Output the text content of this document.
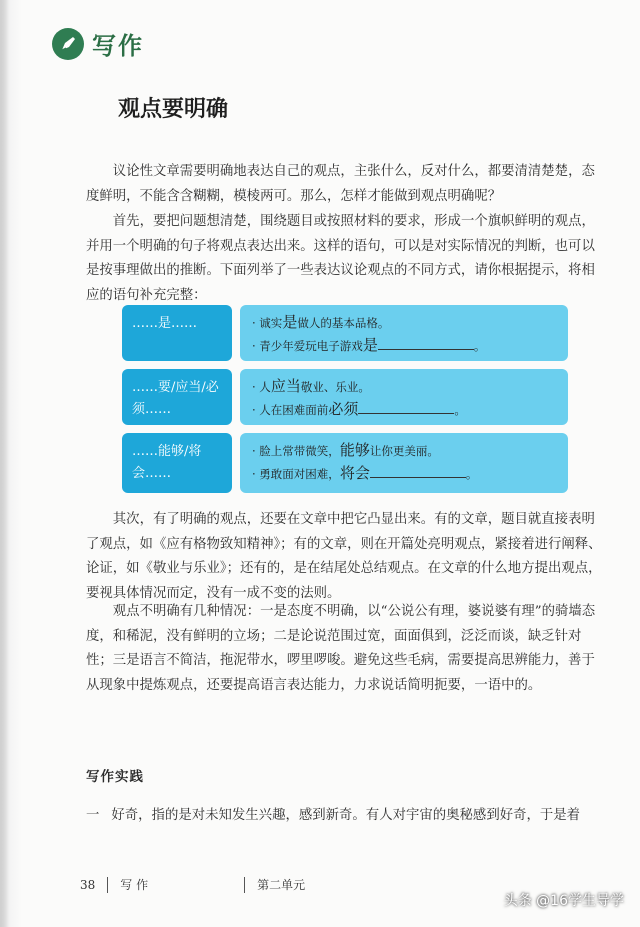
写作
观点要明确

议论性文章需要明确地表达自己的观点，主张什么，反对什么，都要清清楚楚，态度鲜明，不能含含糊糊，模棱两可。那么，怎样才能做到观点明确呢？

首先，要把问题想清楚，围绕题目或按照材料的要求，形成一个旗帜鲜明的观点，并用一个明确的句子将观点表达出来。这样的语句，可以是对实际情况的判断，也可以是按事理做出的推断。下面列举了一些表达议论观点的不同方式，请你根据提示，将相应的语句补充完整：

……是……	· 诚实是做人的基本品格。
· 青少年爱玩电子游戏是	。
……要/应当/必须……
· 人应当敬业、乐业。
· 人在困难面前必须	。
……能够/将会……
· 脸上常带微笑，能够让你更美丽。
· 勇敢面对困难，将会	。

其次，有了明确的观点，还要在文章中把它凸显出来。有的文章，题目就直接表明了观点，如《应有格物致知精神》；有的文章，则在开篇处亮明观点，紧接着进行阐释、论证，如《敬业与乐业》；还有的，是在结尾处总结观点。在文章的什么地方提出观点，要视具体情况而定，没有一成不变的法则。

观点不明确有几种情况：一是态度不明确，以“公说公有理，婆说婆有理”的骑墙态度，和稀泥，没有鲜明的立场；二是论说范围过宽，面面俱到，泛泛而谈，缺乏针对性；三是语言不简洁，拖泥带水，啰里啰唆。避免这些毛病，需要提高思辨能力，善于从现象中提炼观点，还要提高语言表达能力，力求说话简明扼要，一语中的。

写作实践

一 好奇，指的是对未知发生兴趣，感到新奇。有人对宇宙的奥秘感到好奇，于是着

38 写 作	第二单元
头条 @16学生导学
